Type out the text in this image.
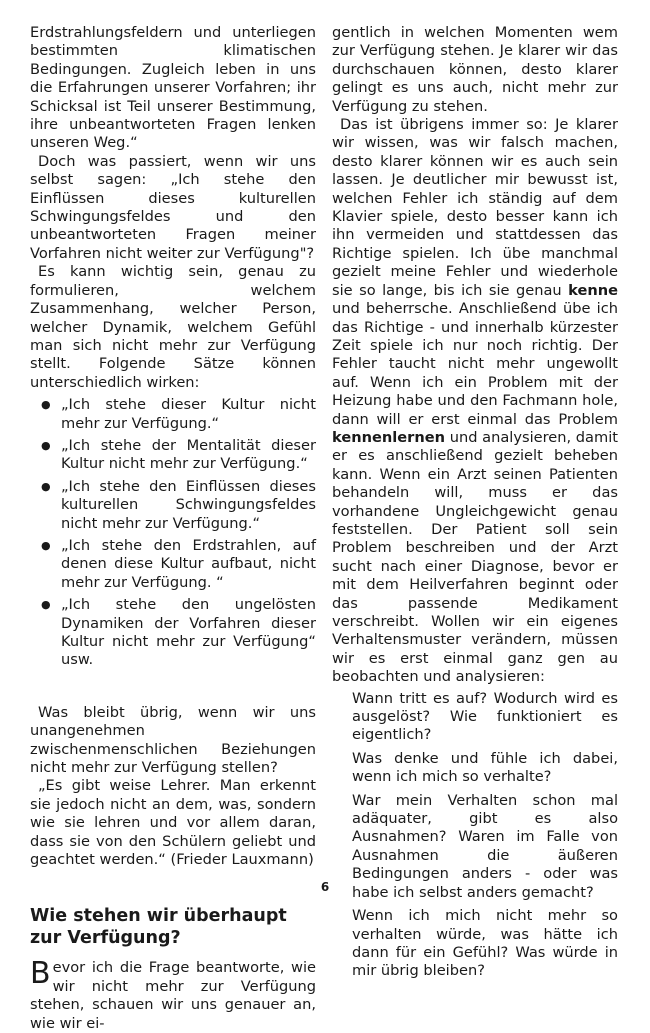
Erdstrahlungsfeldern und unterliegen bestimmten klimatischen Bedingungen. Zugleich leben in uns die Erfahrungen unserer Vorfahren; ihr Schicksal ist Teil unserer Bestimmung, ihre unbeantworteten Fragen lenken unseren Weg.“

Doch was passiert, wenn wir uns selbst sagen: „Ich stehe den Einflüssen dieses kulturellen Schwingungsfeldes und den unbeantworteten Fragen meiner Vorfahren nicht weiter zur Verfügung"?

Es kann wichtig sein, genau zu formulieren, welchem Zusammenhang, welcher Person, welcher Dynamik, welchem Gefühl man sich nicht mehr zur Verfügung stellt. Folgende Sätze können unterschiedlich wirken:

● „Ich stehe dieser Kultur nicht mehr zur Verfügung.“
● „Ich stehe der Mentalität dieser Kultur nicht mehr zur Verfügung.“
● „Ich stehe den Einflüssen dieses kulturellen Schwingungsfeldes nicht mehr zur Verfügung.“
● „Ich stehe den Erdstrahlen, auf denen diese Kultur aufbaut, nicht mehr zur Verfügung. “
● „Ich stehe den ungelösten Dynamiken der Vorfahren dieser Kultur nicht mehr zur Verfügung“ usw.

Was bleibt übrig, wenn wir uns unangenehmen zwischenmenschlichen Beziehungen nicht mehr zur Verfügung stellen?

„Es gibt weise Lehrer. Man erkennt sie jedoch nicht an dem, was, sondern wie sie lehren und vor allem daran, dass sie von den Schülern geliebt und geachtet werden.“ (Frieder Lauxmann)

Wie stehen wir überhaupt zur Verfügung?

Bevor ich die Frage beantworte, wie wir nicht mehr zur Verfügung stehen, schauen wir uns genauer an, wie wir ei-

gentlich in welchen Momenten wem zur Verfügung stehen. Je klarer wir das durchschauen können, desto klarer gelingt es uns auch, nicht mehr zur Verfügung zu stehen.

Das ist übrigens immer so: Je klarer wir wissen, was wir falsch machen, desto klarer können wir es auch sein lassen. Je deutlicher mir bewusst ist, welchen Fehler ich ständig auf dem Klavier spiele, desto besser kann ich ihn vermeiden und stattdessen das Richtige spielen. Ich übe manchmal gezielt meine Fehler und wiederhole sie so lange, bis ich sie genau kenne und beherrsche. Anschließend übe ich das Richtige - und innerhalb kürzester Zeit spiele ich nur noch richtig. Der Fehler taucht nicht mehr ungewollt auf. Wenn ich ein Problem mit der Heizung habe und den Fachmann hole, dann will er erst einmal das Problem kennenlernen und analysieren, damit er es anschließend gezielt beheben kann. Wenn ein Arzt seinen Patienten behandeln will, muss er das vorhandene Ungleichgewicht genau feststellen. Der Patient soll sein Problem beschreiben und der Arzt sucht nach einer Diagnose, bevor er mit dem Heilverfahren beginnt oder das passende Medikament verschreibt. Wollen wir ein eigenes Verhaltensmuster verändern, müssen wir es erst einmal ganz gen au beobachten und analysieren:

Wann tritt es auf? Wodurch wird es ausgelöst? Wie funktioniert es eigentlich?

Was denke und fühle ich dabei, wenn ich mich so verhalte?

War mein Verhalten schon mal adäquater, gibt es also Ausnahmen? Waren im Falle von Ausnahmen die äußeren Bedingungen anders - oder was habe ich selbst anders gemacht?

Wenn ich mich nicht mehr so verhalten würde, was hätte ich dann für ein Gefühl? Was würde in mir übrig bleiben?

6
